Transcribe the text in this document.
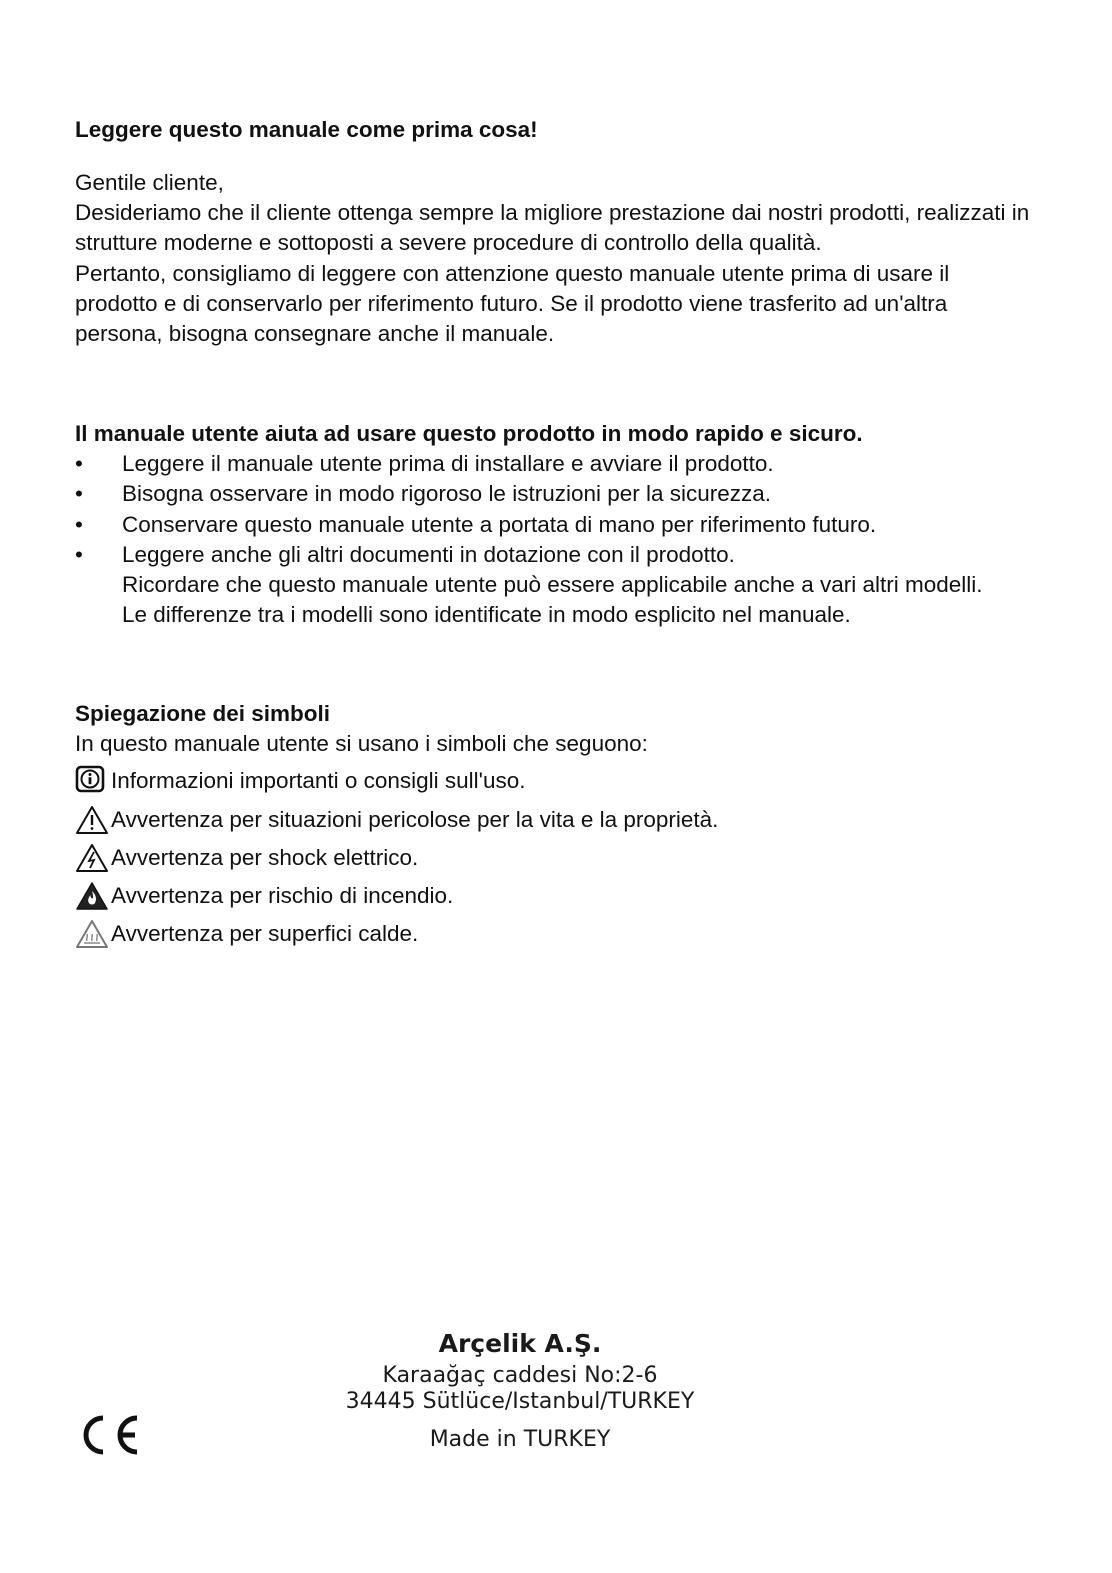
Leggere questo manuale come prima cosa!

Gentile cliente,

Desideriamo che il cliente ottenga sempre la migliore prestazione dai nostri prodotti, realizzati in strutture moderne e sottoposti a severe procedure di controllo della qualità.

Pertanto, consigliamo di leggere con attenzione questo manuale utente prima di usare il prodotto e di conservarlo per riferimento futuro. Se il prodotto viene trasferito ad un'altra persona, bisogna consegnare anche il manuale.

Il manuale utente aiuta ad usare questo prodotto in modo rapido e sicuro.

•	Leggere il manuale utente prima di installare e avviare il prodotto.
•	Bisogna osservare in modo rigoroso le istruzioni per la sicurezza.
•	Conservare questo manuale utente a portata di mano per riferimento futuro.
•	Leggere anche gli altri documenti in dotazione con il prodotto.
Ricordare che questo manuale utente può essere applicabile anche a vari altri modelli.
Le differenze tra i modelli sono identificate in modo esplicito nel manuale.

Spiegazione dei simboli

In questo manuale utente si usano i simboli che seguono:

Informazioni importanti o consigli sull'uso.
Avvertenza per situazioni pericolose per la vita e la proprietà.
Avvertenza per shock elettrico.
Avvertenza per rischio di incendio.
Avvertenza per superfici calde.
Arçelik A.Ş.
Karaağaç caddesi No:2-6
34445 Sütlüce/Istanbul/TURKEY
Made in TURKEY
